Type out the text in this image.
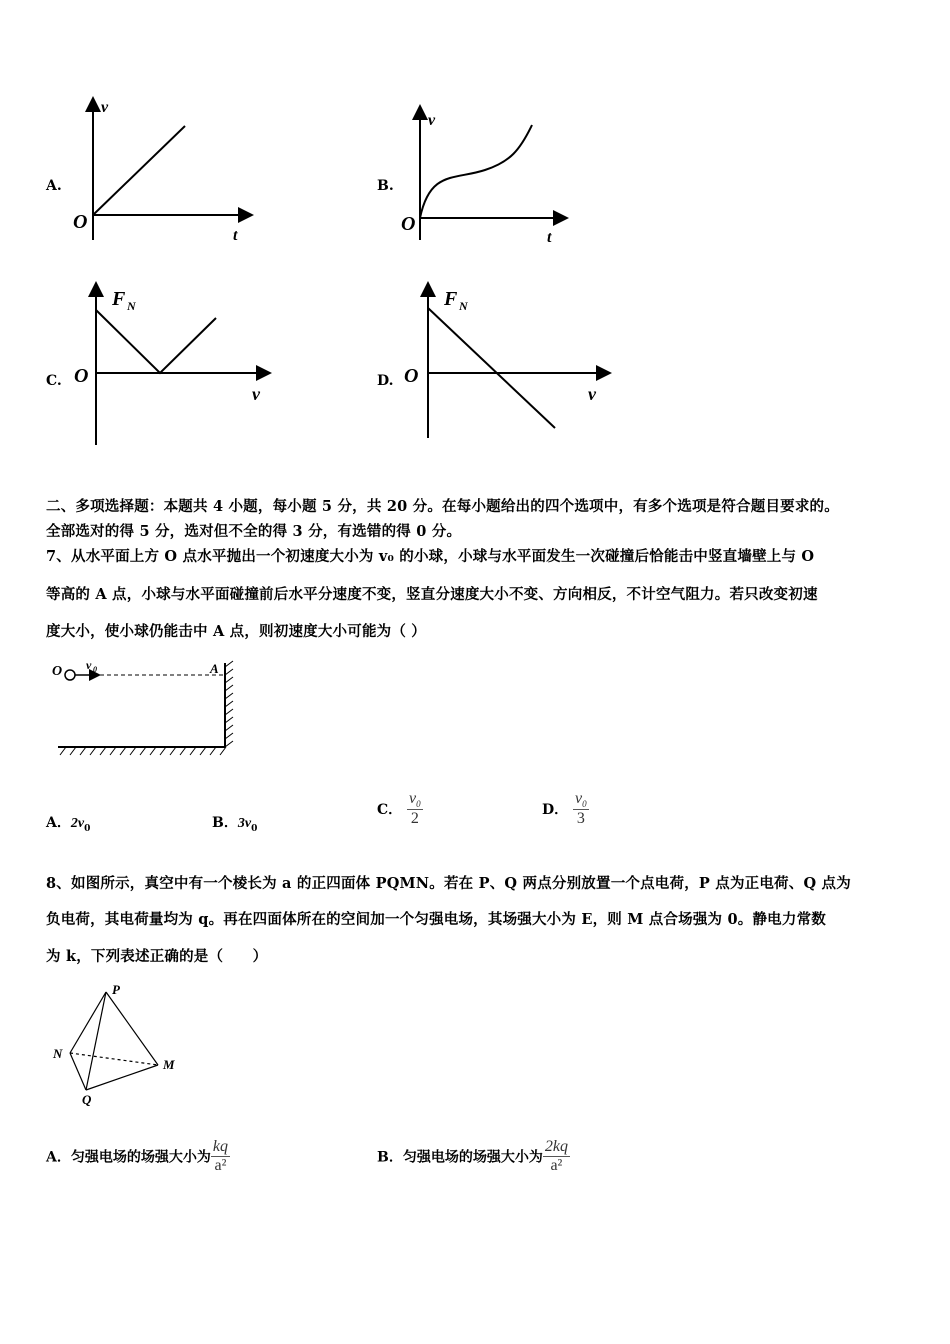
A.
v
t
O
B.
v
t
O
C.
F N
v
O	D.
F N
v
O
二、多项选择题：本题共 4 小题，每小题 5 分，共 20 分。在每小题给出的四个选项中，有多个选项是符合题目要求的。
全部选对的得 5 分，选对但不全的得 3 分，有选错的得 0 分。
7、从水平面上方 O 点水平抛出一个初速度大小为 v₀ 的小球，小球与水平面发生一次碰撞后恰能击中竖直墙壁上与 O
等高的 A 点，小球与水平面碰撞前后水平分速度不变，竖直分速度大小不变、方向相反，不计空气阻力。若只改变初速
度大小，使小球仍能击中 A 点，则初速度大小可能为（ ）
O v 0	A
A．$2v_0$	B．$3v_0$
C． $\frac{v_0}{2}$	D． $\frac{v_0}{3}$
8、如图所示，真空中有一个棱长为 a 的正四面体 PQMN。若在 P、Q 两点分别放置一个点电荷，P 点为正电荷、Q 点为
负电荷，其电荷量均为 q。再在四面体所在的空间加一个匀强电场，其场强大小为 E，则 M 点合场强为 0。静电力常数
为 k，下列表述正确的是（　　）
P
N
M
Q
A．匀强电场的场强大小为 $\frac{kq}{\text{a²}}$	B．匀强电场的场强大小为 $\frac{2kq}{\text{a²}}$
